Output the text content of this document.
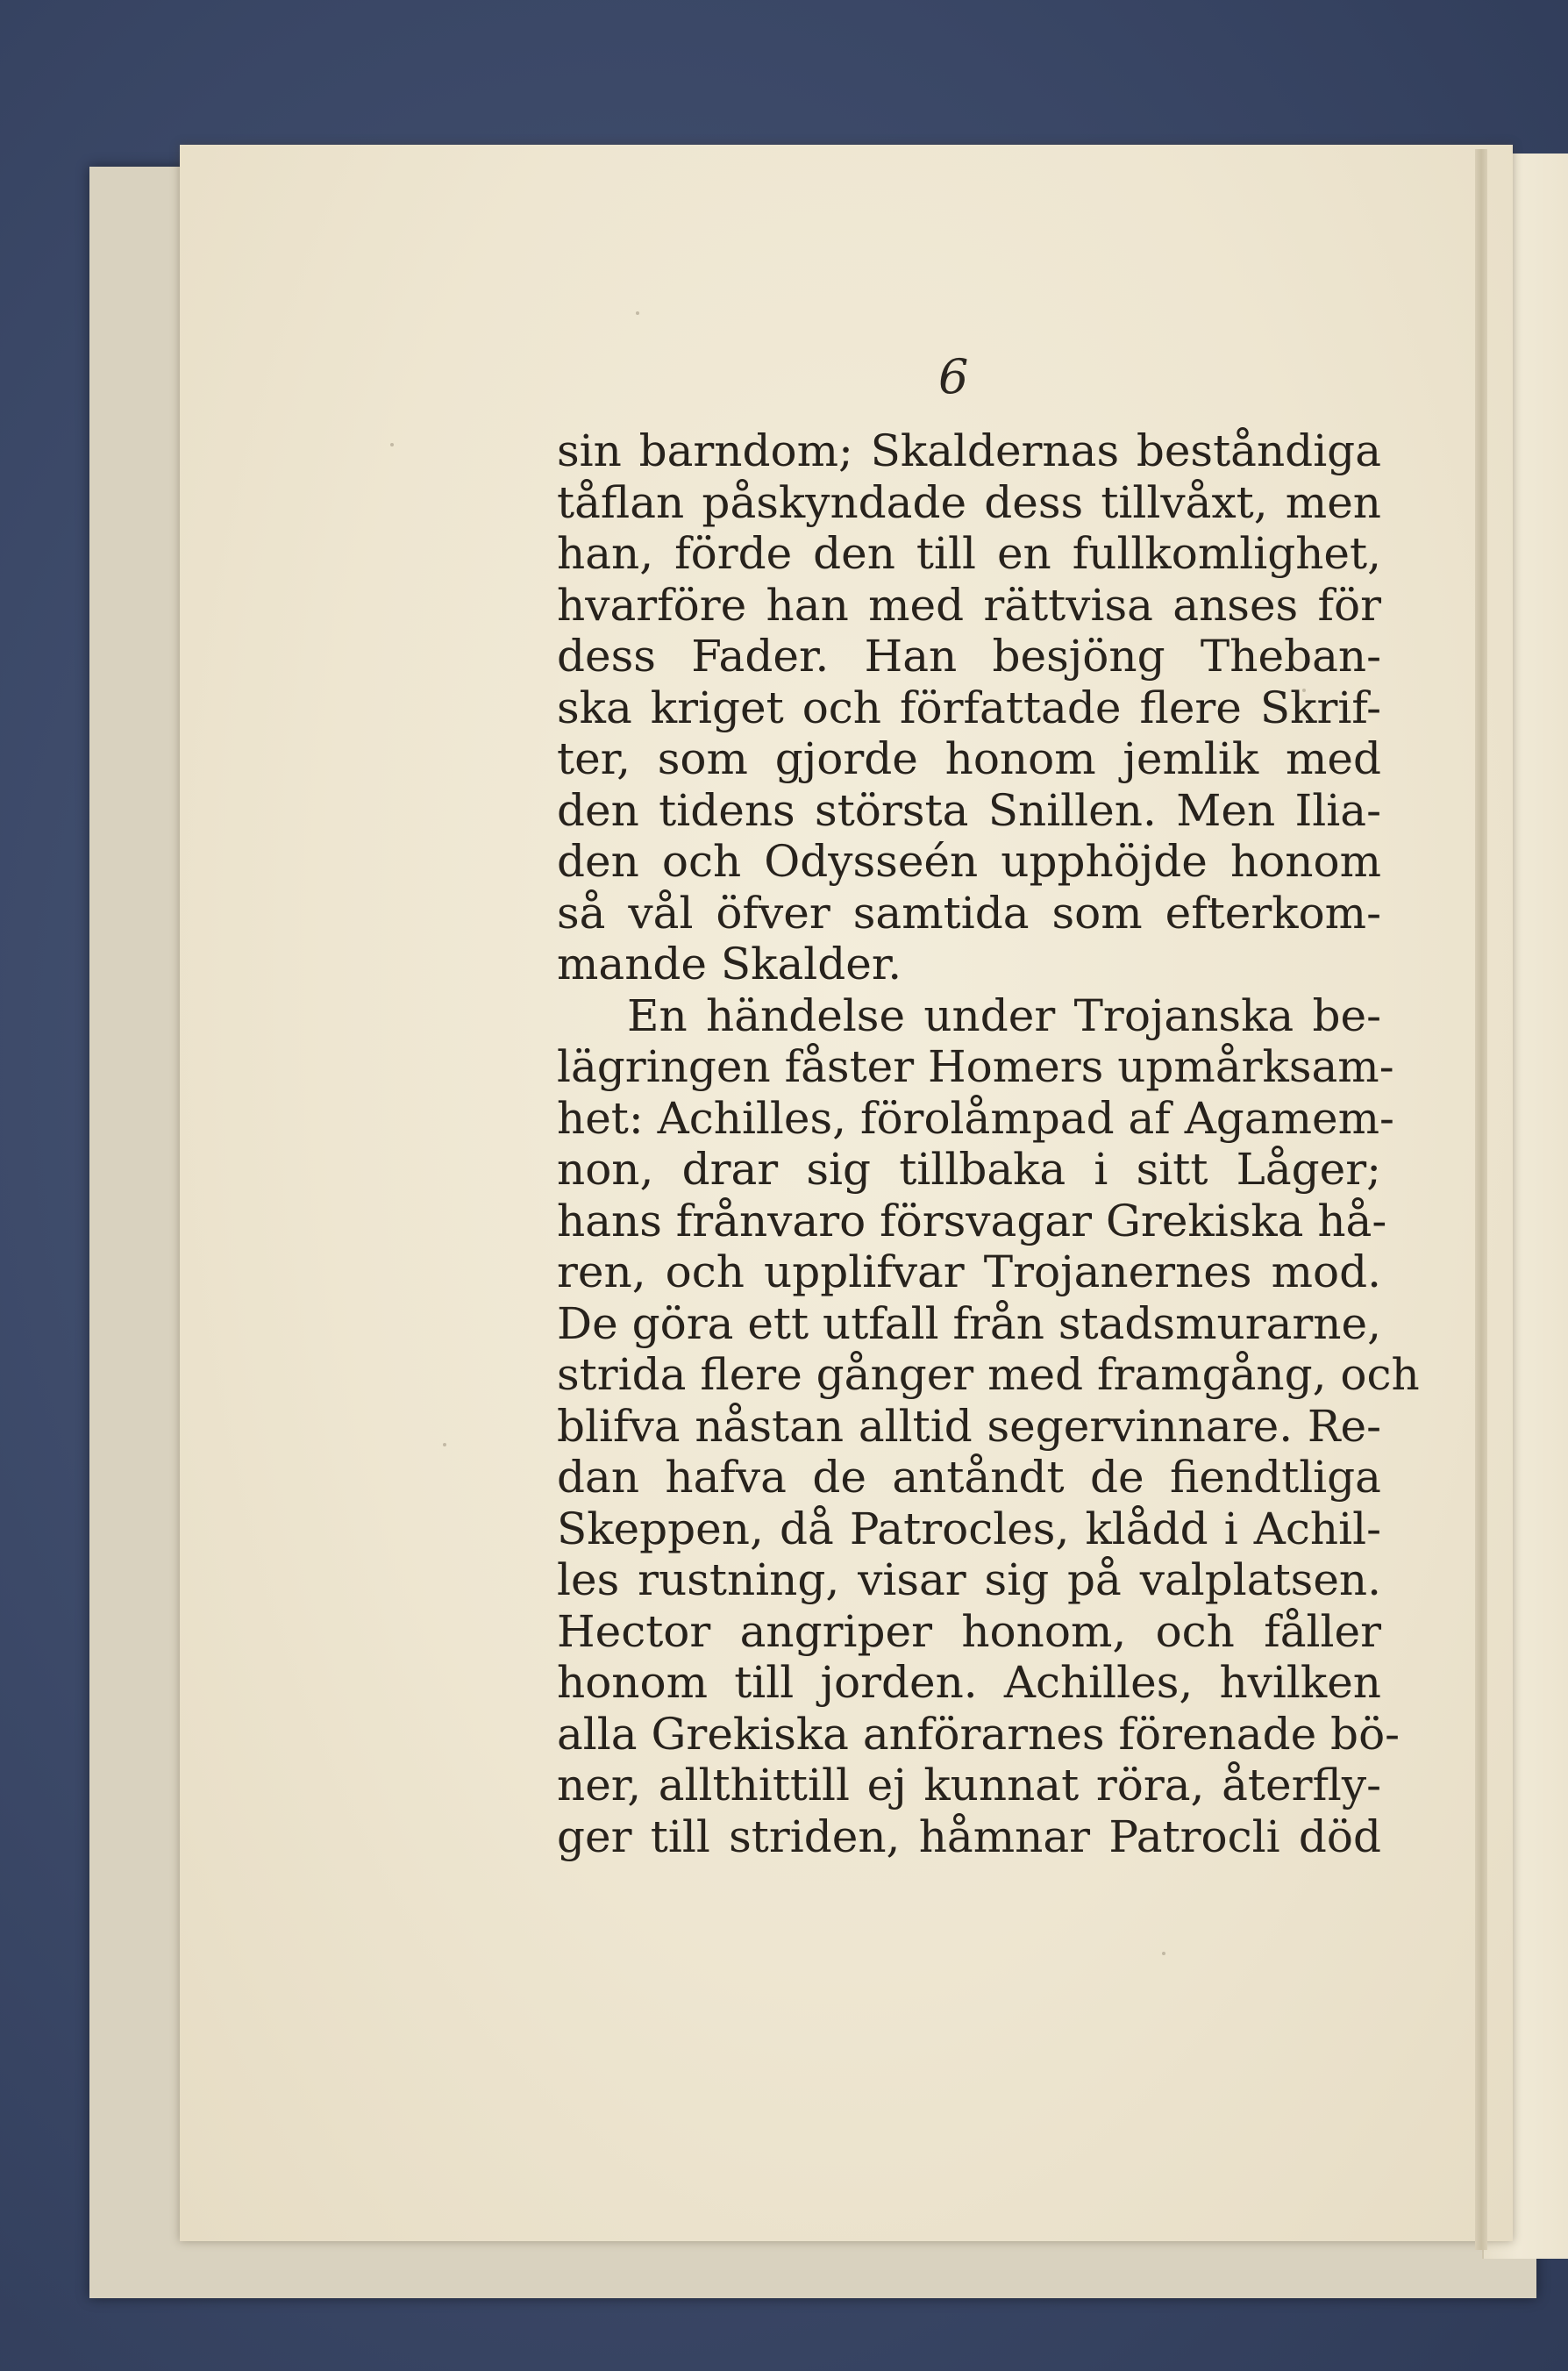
6
sin barndom; Skaldernas beståndiga
tåflan påskyndade dess tillvåxt, men
han, förde den till en fullkomlighet,
hvarföre han med rättvisa anses för
dess Fader. Han besjöng Theban-
ska kriget och författade flere Skrif-
ter, som gjorde honom jemlik med
den tidens största Snillen. Men Ilia-
den och Odysseén upphöjde honom
så vål öfver samtida som efterkom-
mande Skalder.
En händelse under Trojanska be-
lägringen fåster Homers upmårksam-
het: Achilles, förolåmpad af Agamem-
non, drar sig tillbaka i sitt Låger;
hans frånvaro försvagar Grekiska hå-
ren, och upplifvar Trojanernes mod.
De göra ett utfall från stadsmurarne,
strida flere gånger med framgång, och
blifva nåstan alltid segervinnare. Re-
dan hafva de antåndt de fiendtliga
Skeppen, då Patrocles, klådd i Achil-
les rustning, visar sig på valplatsen.
Hector angriper honom, och fåller
honom till jorden. Achilles, hvilken
alla Grekiska anförarnes förenade bö-
ner, allthittill ej kunnat röra, återfly-
ger till striden, håmnar Patrocli död
